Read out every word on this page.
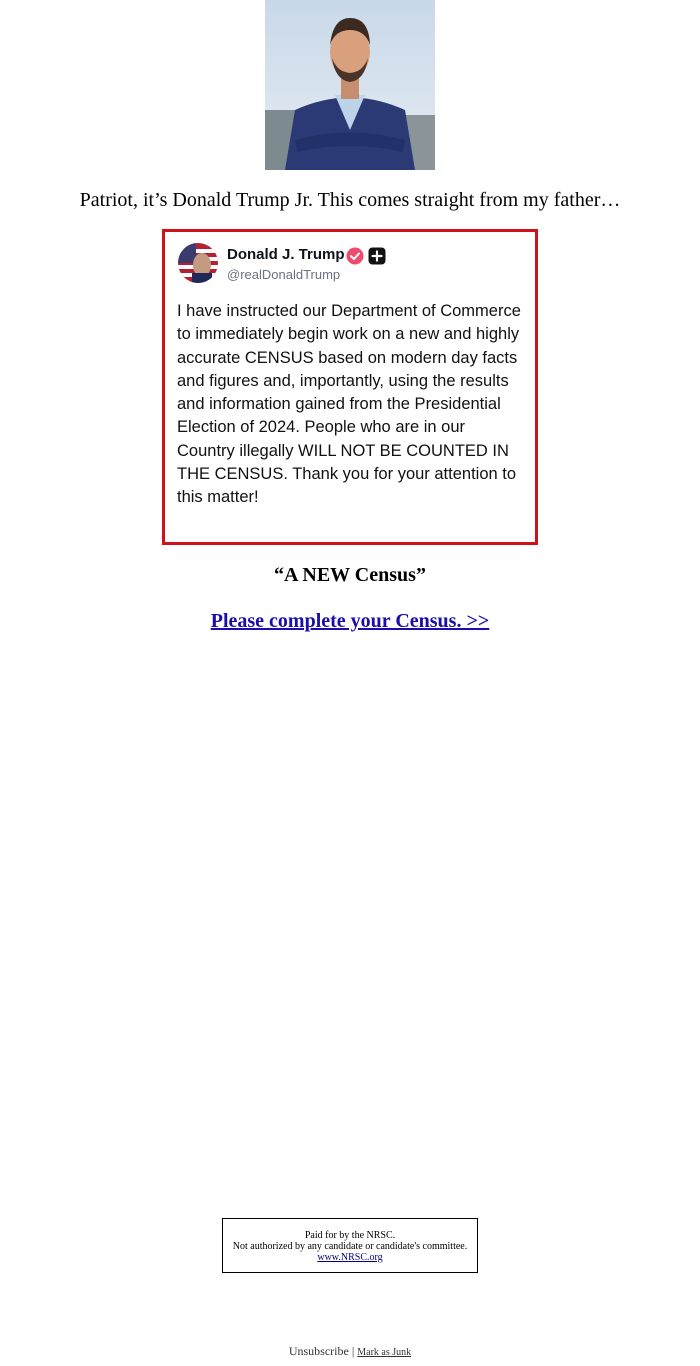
Patriot, it’s Donald Trump Jr. This comes straight from my father…
Donald J. Trump
@realDonaldTrump
I have instructed our Department of Commerce to immediately begin work on a new and highly accurate CENSUS based on modern day facts and figures and, importantly, using the results and information gained from the Presidential Election of 2024. People who are in our Country illegally WILL NOT BE COUNTED IN THE CENSUS. Thank you for your attention to this matter!
“A NEW Census”
Please complete your Census. >>
Paid for by the NRSC.
Not authorized by any candidate or candidate's committee.
www.NRSC.org
Unsubscribe | Mark as Junk
